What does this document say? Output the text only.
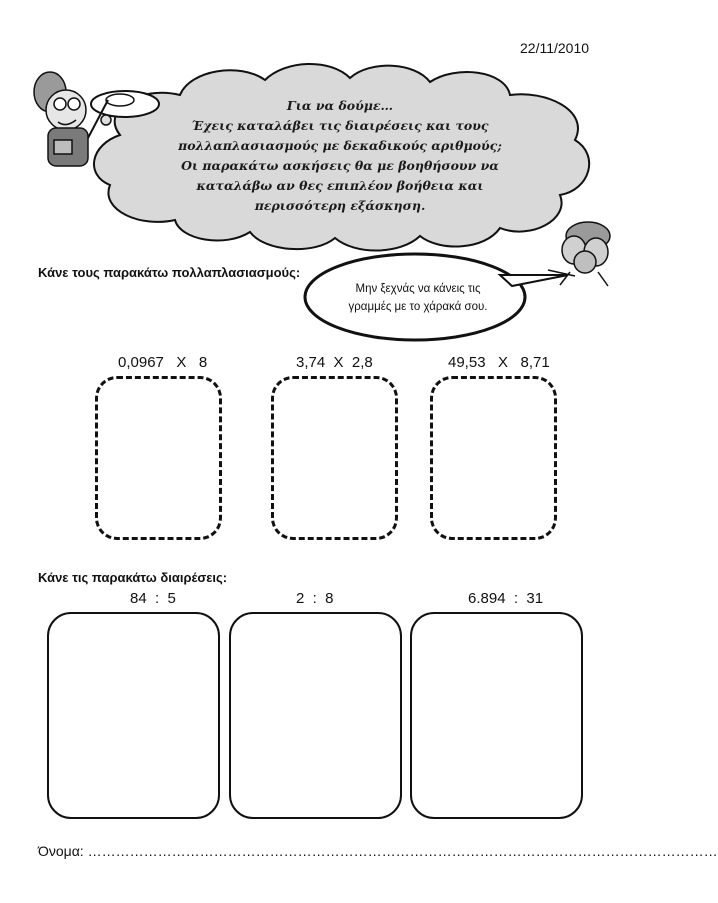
22/11/2010
Για να δούμε…
Έχεις καταλάβει τις διαιρέσεις και τους
πολλαπλασιασμούς με δεκαδικούς αριθμούς;
Οι παρακάτω ασκήσεις θα με βοηθήσουν να
καταλάβω αν θες επιπλέον βοήθεια και
περισσότερη εξάσκηση.
Κάνε τους παρακάτω πολλαπλασιασμούς:
Μην ξεχνάς να κάνεις τις
γραμμές με το χάρακά σου.
0,0967   X   8	3,74  X  2,8	49,53   X   8,71
Κάνε τις παρακάτω διαιρέσεις:
84  :  5	2  :  8	6.894  :  31
Όνομα: ………………………………………………………………………………………………………………………
